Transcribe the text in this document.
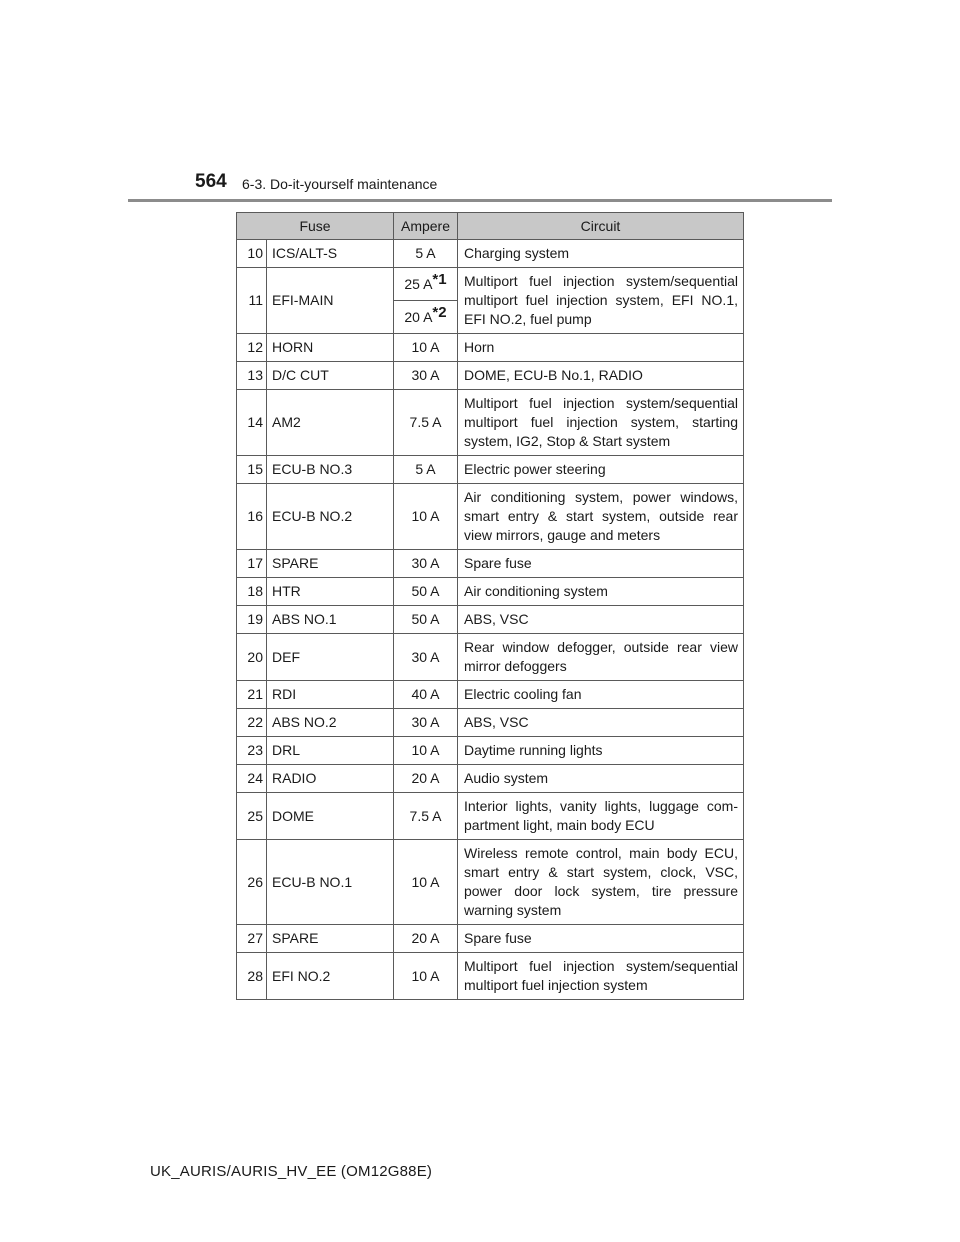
564 6-3. Do-it-yourself maintenance
Fuse		Ampere	Circuit
10	ICS/ALT-S	5 A	Charging system
11	EFI-MAIN	25 $A^{*1}$	Multiport fuel injection system/sequential multiport fuel injection system, EFI NO.1, EFI NO.2, fuel pump
		20 $A^{*2}$
12	HORN	10 A	Horn
13	D/C CUT	30 A	DOME, ECU-B No.1, RADIO
14	AM2	7.5 A	Multiport fuel injection system/sequential multiport fuel injection system, starting system, IG2, Stop & Start system
15	ECU-B NO.3	5 A	Electric power steering
16	ECU-B NO.2	10 A	Air conditioning system, power windows, smart entry & start system, outside rear view mirrors, gauge and meters
17	SPARE	30 A	Spare fuse
18	HTR	50 A	Air conditioning system
19	ABS NO.1	50 A	ABS, VSC
20	DEF	30 A	Rear window defogger, outside rear view mirror defoggers
21	RDI	40 A	Electric cooling fan
22	ABS NO.2	30 A	ABS, VSC
23	DRL	10 A	Daytime running lights
24	RADIO	20 A	Audio system
25	DOME	7.5 A	Interior lights, vanity lights, luggage com-partment light, main body ECU
26	ECU-B NO.1	10 A	Wireless remote control, main body ECU, smart entry & start system, clock, VSC, power door lock system, tire pressure warning system
27	SPARE	20 A	Spare fuse
28	EFI NO.2	10 A	Multiport fuel injection system/sequential multiport fuel injection system
UK_AURIS/AURIS_HV_EE (OM12G88E)
